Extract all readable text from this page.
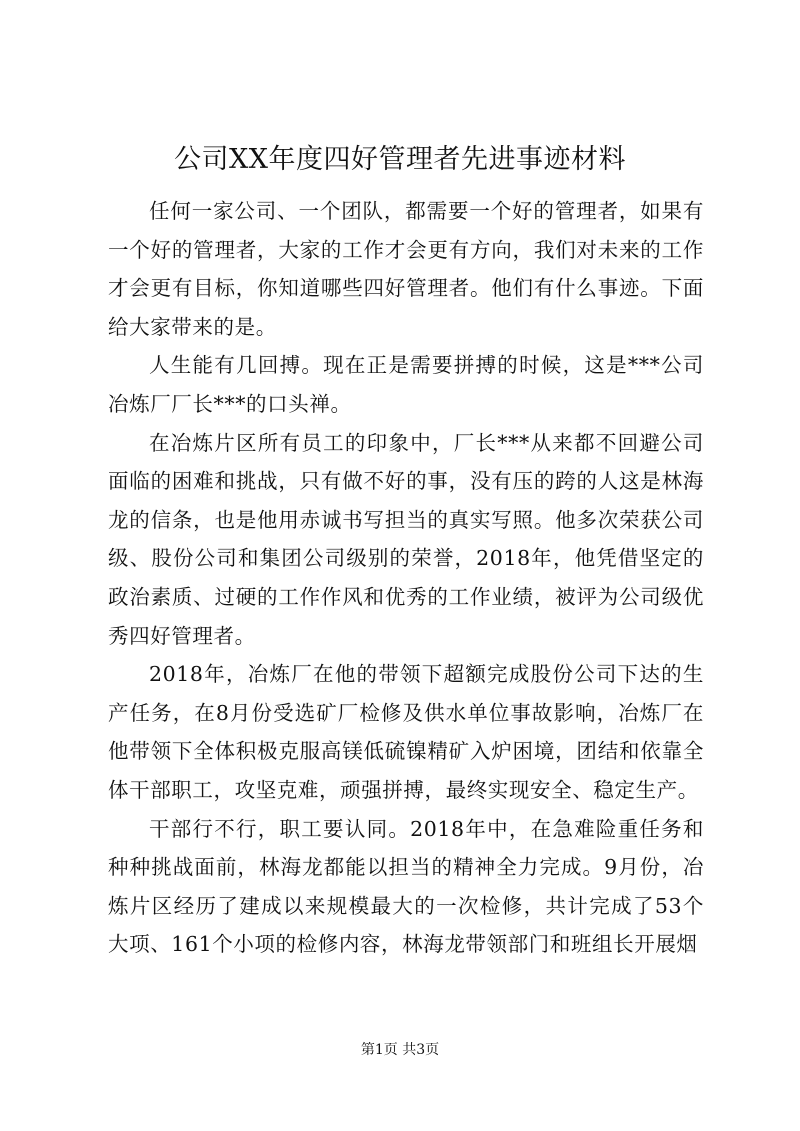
公司XX年度四好管理者先进事迹材料

任何一家公司、一个团队，都需要一个好的管理者，如果有一个好的管理者，大家的工作才会更有方向，我们对未来的工作才会更有目标，你知道哪些四好管理者。他们有什么事迹。下面给大家带来的是。

人生能有几回搏。现在正是需要拼搏的时候，这是***公司冶炼厂厂长***的口头禅。

在冶炼片区所有员工的印象中，厂长***从来都不回避公司面临的困难和挑战，只有做不好的事，没有压的跨的人这是林海龙的信条，也是他用赤诚书写担当的真实写照。他多次荣获公司级、股份公司和集团公司级别的荣誉，2018年，他凭借坚定的政治素质、过硬的工作作风和优秀的工作业绩，被评为公司级优秀四好管理者。

2018年，冶炼厂在他的带领下超额完成股份公司下达的生产任务，在8月份受选矿厂检修及供水单位事故影响，冶炼厂在他带领下全体积极克服高镁低硫镍精矿入炉困境，团结和依靠全体干部职工，攻坚克难，顽强拼搏，最终实现安全、稳定生产。

干部行不行，职工要认同。2018年中，在急难险重任务和种种挑战面前，林海龙都能以担当的精神全力完成。9月份，冶炼片区经历了建成以来规模最大的一次检修，共计完成了53个大项、161个小项的检修内容，林海龙带领部门和班组长开展烟

第1页 共3页
